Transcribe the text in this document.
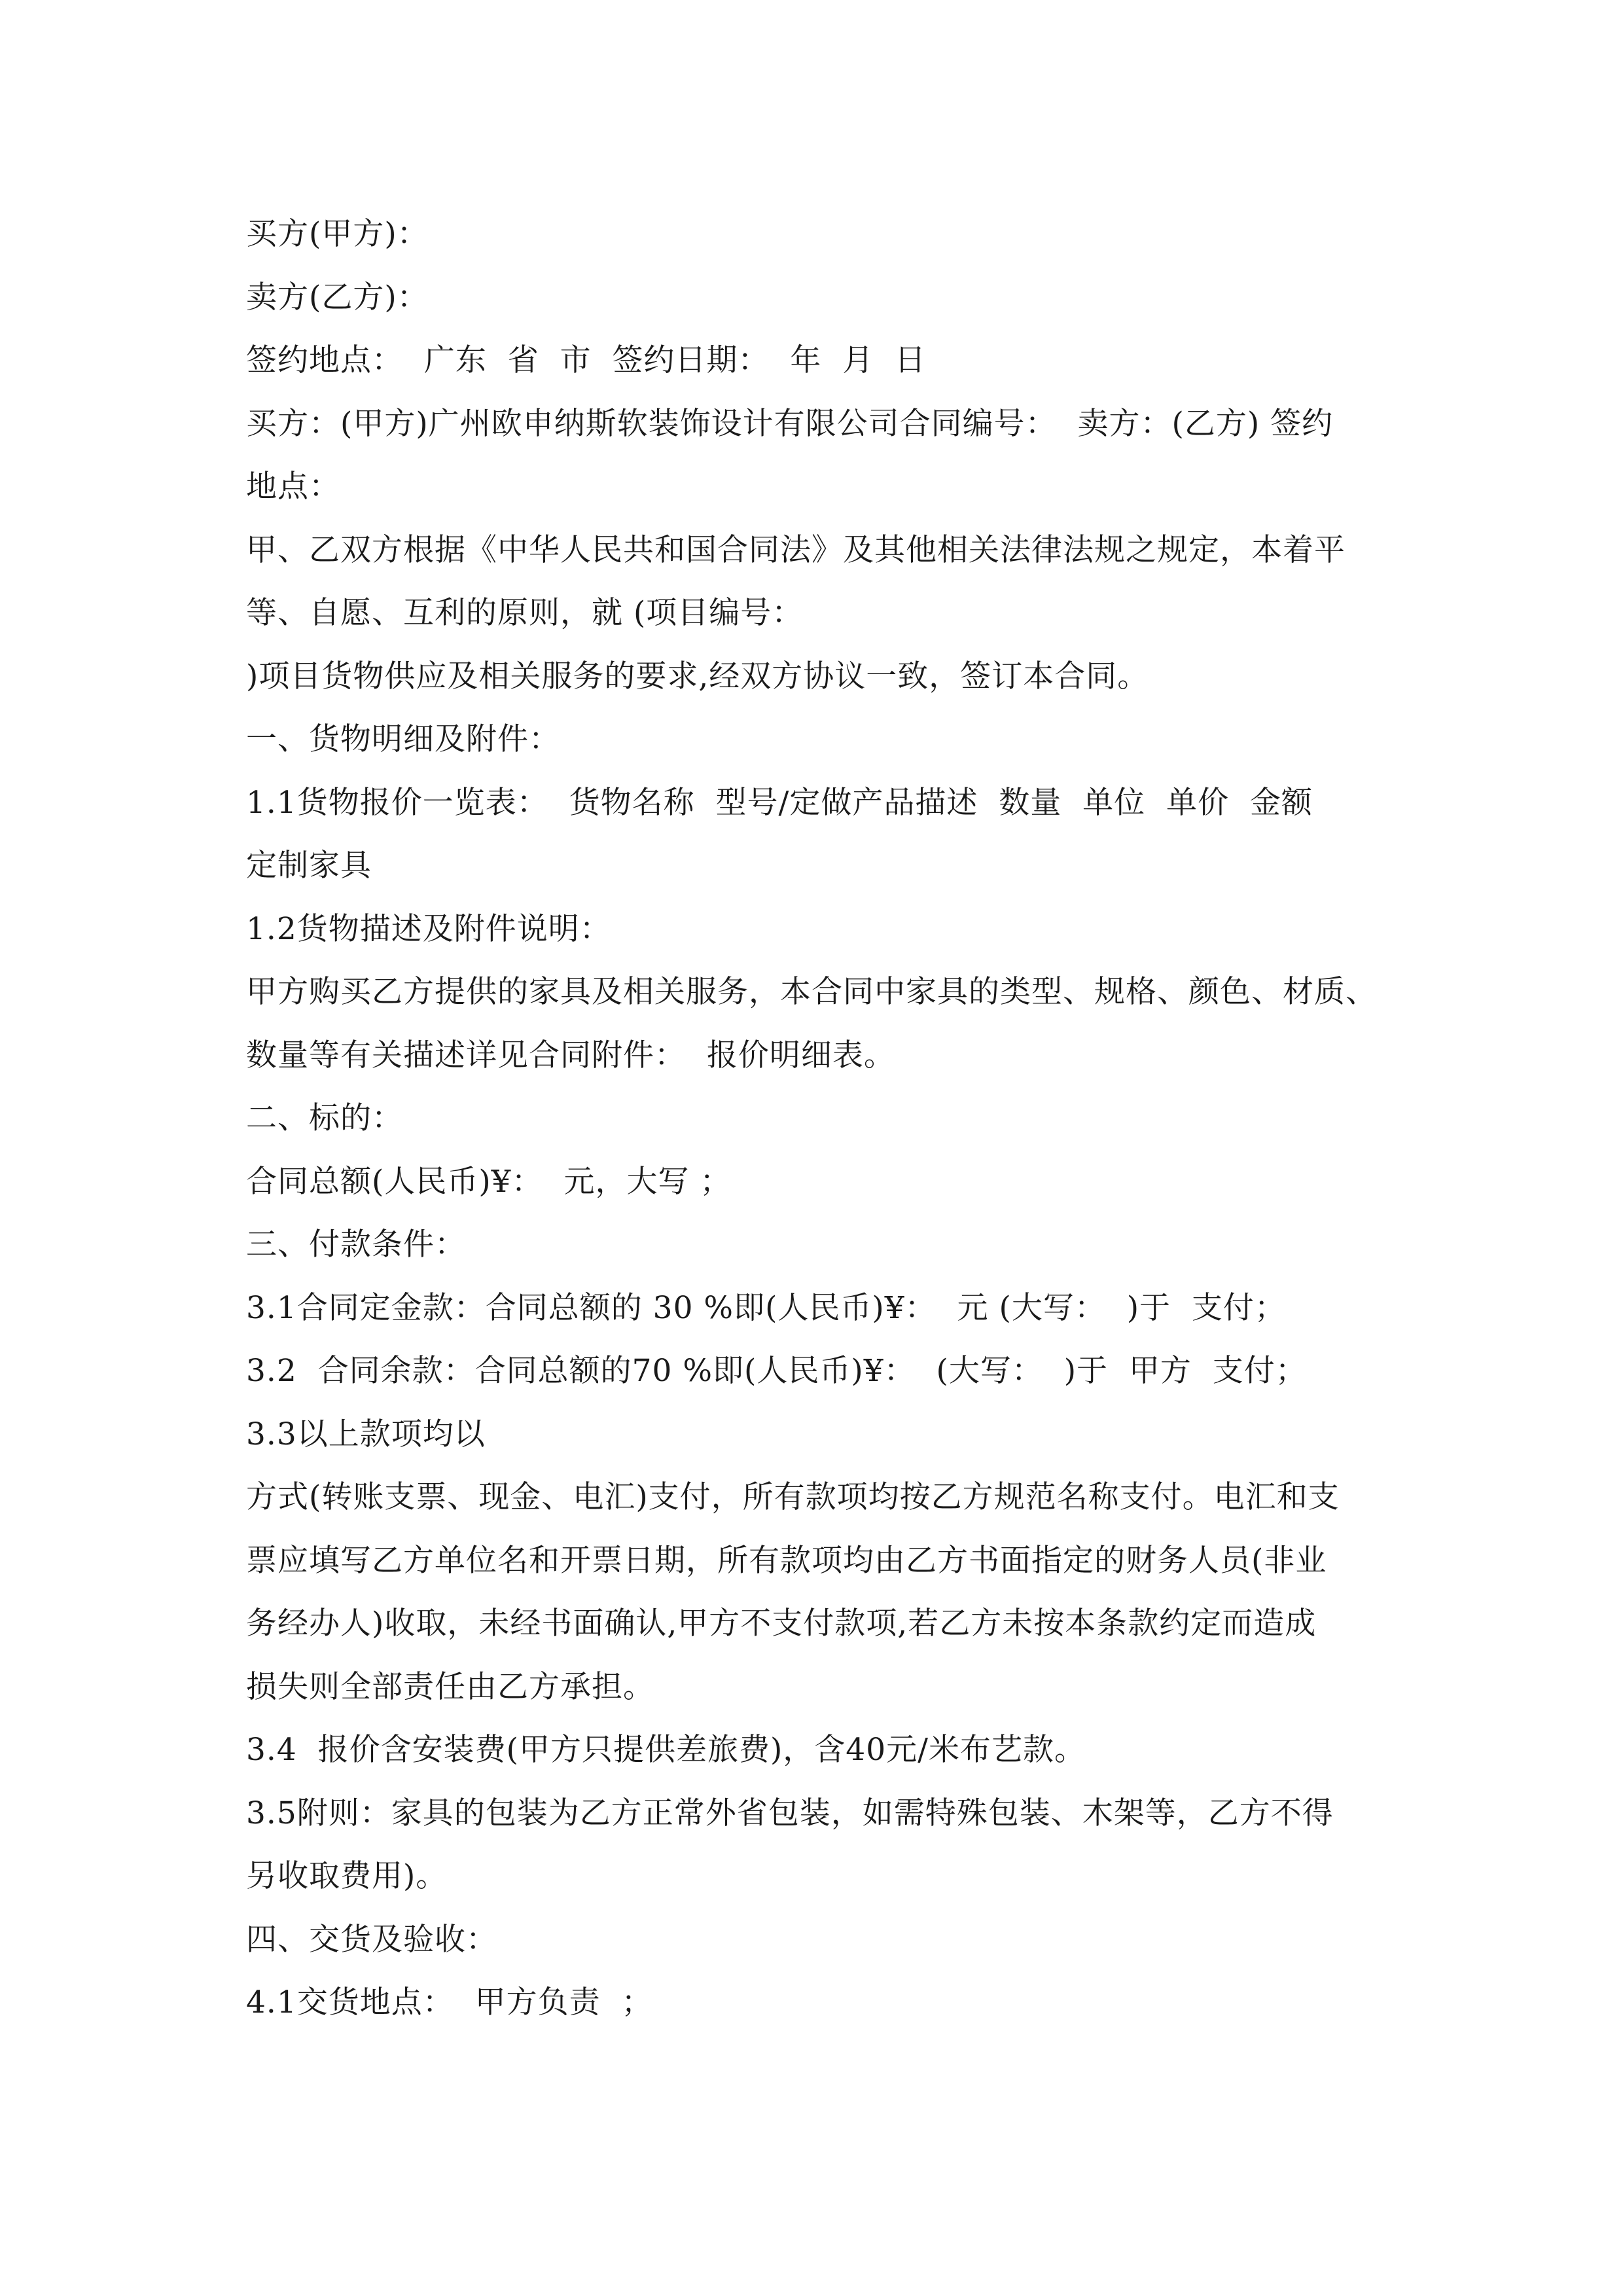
买方(甲方)：
卖方(乙方)：
签约地点：  广东  省  市  签约日期：  年  月  日
买方：(甲方)广州欧申纳斯软装饰设计有限公司合同编号：  卖方：(乙方) 签约
地点：
甲、乙双方根据《中华人民共和国合同法》及其他相关法律法规之规定，本着平
等、自愿、互利的原则，就 (项目编号：
)项目货物供应及相关服务的要求,经双方协议一致，签订本合同。
一、货物明细及附件：
1.1货物报价一览表：  货物名称  型号/定做产品描述  数量  单位  单价  金额
定制家具
1.2货物描述及附件说明：
甲方购买乙方提供的家具及相关服务，本合同中家具的类型、规格、颜色、材质、
数量等有关描述详见合同附件：  报价明细表。
二、标的：
合同总额(人民币)¥：  元，大写 ；
三、付款条件：
3.1合同定金款：合同总额的 30 %即(人民币)¥：  元 (大写：  )于  支付；
3.2  合同余款：合同总额的70 %即(人民币)¥：  (大写：  )于  甲方  支付；
3.3以上款项均以
方式(转账支票、现金、电汇)支付，所有款项均按乙方规范名称支付。电汇和支
票应填写乙方单位名和开票日期，所有款项均由乙方书面指定的财务人员(非业
务经办人)收取，未经书面确认,甲方不支付款项,若乙方未按本条款约定而造成
损失则全部责任由乙方承担。
3.4  报价含安装费(甲方只提供差旅费)，含40元/米布艺款。
3.5附则：家具的包装为乙方正常外省包装，如需特殊包装、木架等，乙方不得
另收取费用)。
四、交货及验收：
4.1交货地点：  甲方负责  ；
